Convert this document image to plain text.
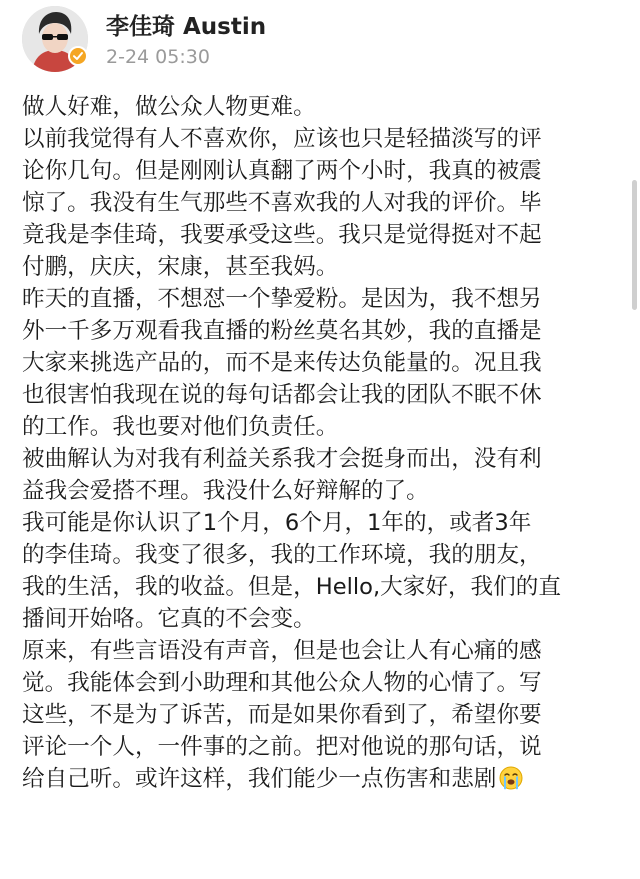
李佳琦 Austin
2-24 05:30

做人好难，做公众人物更难。

以前我觉得有人不喜欢你，应该也只是轻描淡写的评

论你几句。但是刚刚认真翻了两个小时，我真的被震

惊了。我没有生气那些不喜欢我的人对我的评价。毕

竟我是李佳琦，我要承受这些。我只是觉得挺对不起

付鹏，庆庆，宋康，甚至我妈。

昨天的直播，不想怼一个挚爱粉。是因为，我不想另

外一千多万观看我直播的粉丝莫名其妙，我的直播是

大家来挑选产品的，而不是来传达负能量的。况且我

也很害怕我现在说的每句话都会让我的团队不眠不休

的工作。我也要对他们负责任。

被曲解认为对我有利益关系我才会挺身而出，没有利

益我会爱搭不理。我没什么好辩解的了。

我可能是你认识了1个月，6个月，1年的，或者3年

的李佳琦。我变了很多，我的工作环境，我的朋友，

我的生活，我的收益。但是，Hello,大家好，我们的直

播间开始咯。它真的不会变。

原来，有些言语没有声音，但是也会让人有心痛的感

觉。我能体会到小助理和其他公众人物的心情了。写

这些，不是为了诉苦，而是如果你看到了，希望你要

评论一个人，一件事的之前。把对他说的那句话，说

给自己听。或许这样，我们能少一点伤害和悲剧
